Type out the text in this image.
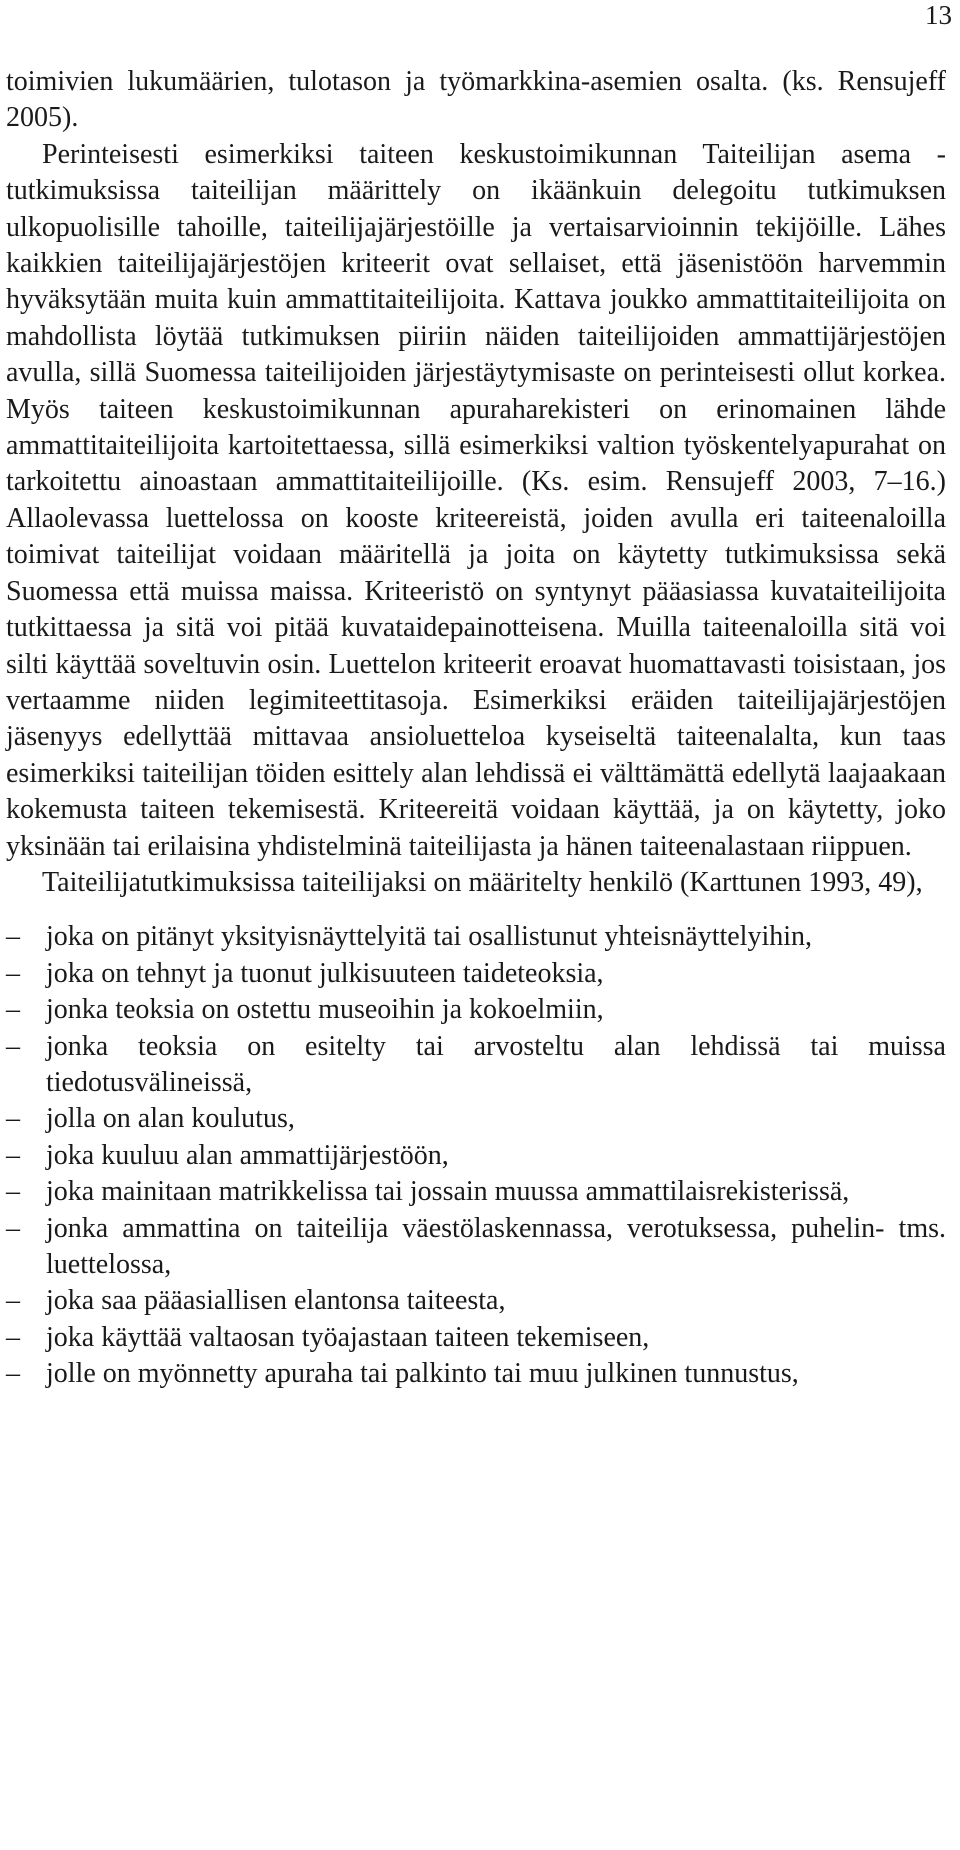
13

toimivien lukumäärien, tulotason ja työmarkkina-asemien osalta. (ks. Rensujeff 2005).

Perinteisesti esimerkiksi taiteen keskustoimikunnan Taiteilijan asema -tutkimuksissa taiteilijan määrittely on ikäänkuin delegoitu tutkimuksen ulkopuolisille tahoille, taiteilijajärjestöille ja vertaisarvioinnin tekijöille. Lähes kaikkien taiteilijajärjestöjen kriteerit ovat sellaiset, että jäsenistöön harvemmin hyväksytään muita kuin ammattitaiteilijoita. Kattava joukko ammattitaiteilijoita on mahdollista löytää tutkimuksen piiriin näiden taiteilijoiden ammattijärjestöjen avulla, sillä Suomessa taiteilijoiden järjestäytymisaste on perinteisesti ollut korkea. Myös taiteen keskustoimikunnan apuraharekisteri on erinomainen lähde ammattitaiteilijoita kartoitettaessa, sillä esimerkiksi valtion työskentelyapurahat on tarkoitettu ainoastaan ammattitaiteilijoille. (Ks. esim. Rensujeff 2003, 7–16.) Allaolevassa luettelossa on kooste kriteereistä, joiden avulla eri taiteenaloilla toimivat taiteilijat voidaan määritellä ja joita on käytetty tutkimuksissa sekä Suomessa että muissa maissa. Kriteeristö on syntynyt pääasiassa kuvataiteilijoita tutkittaessa ja sitä voi pitää kuvataidepainotteisena. Muilla taiteenaloilla sitä voi silti käyttää soveltuvin osin. Luettelon kriteerit eroavat huomattavasti toisistaan, jos vertaamme niiden legimiteettitasoja. Esimerkiksi eräiden taiteilijajärjestöjen jäsenyys edellyttää mittavaa ansioluetteloa kyseiseltä taiteenalalta, kun taas esimerkiksi taiteilijan töiden esittely alan lehdissä ei välttämättä edellytä laajaakaan kokemusta taiteen tekemisestä. Kriteereitä voidaan käyttää, ja on käytetty, joko yksinään tai erilaisina yhdistelminä taiteilijasta ja hänen taiteenalastaan riippuen.

Taiteilijatutkimuksissa taiteilijaksi on määritelty henkilö (Karttunen 1993, 49),

– joka on pitänyt yksityisnäyttelyitä tai osallistunut yhteisnäyttelyihin,
– joka on tehnyt ja tuonut julkisuuteen taideteoksia,
– jonka teoksia on ostettu museoihin ja kokoelmiin,
– jonka teoksia on esitelty tai arvosteltu alan lehdissä tai muissa tiedotusvälineissä,
– jolla on alan koulutus,
– joka kuuluu alan ammattijärjestöön,
– joka mainitaan matrikkelissa tai jossain muussa ammattilaisrekisterissä,
– jonka ammattina on taiteilija väestölaskennassa, verotuksessa, puhelin- tms. luettelossa,
– joka saa pääasiallisen elantonsa taiteesta,
– joka käyttää valtaosan työajastaan taiteen tekemiseen,
– jolle on myönnetty apuraha tai palkinto tai muu julkinen tunnustus,
